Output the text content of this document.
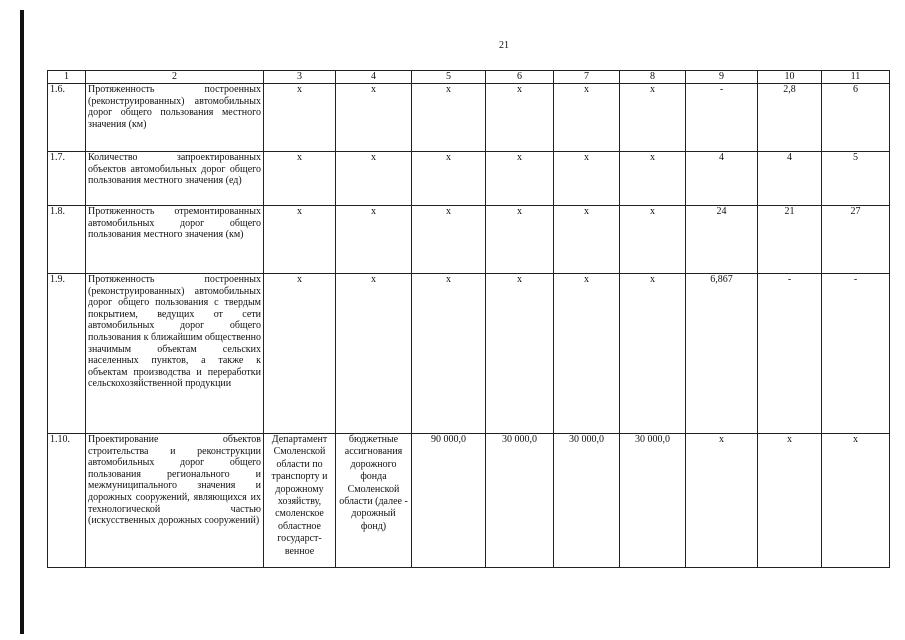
21
1	2	3	4	5	6	7	8	9	10	11
1.6.	Протяженность построенных (реконструированных) автомобильных дорог общего пользования местного значения (км)	x	x	x	x	x	x	-	2,8	6
1.7.	Количество запроектированных объектов автомобильных дорог общего пользования местного значения (ед)	x	x	x	x	x	x	4	4	5
1.8.	Протяженность отремонтированных автомобильных дорог общего пользования местного значения (км)	x	x	x	x	x	x	24	21	27
1.9.	Протяженность построенных (реконструированных) автомобильных дорог общего пользования с твердым покрытием, ведущих от сети автомобильных дорог общего пользования к ближайшим общественно значимым объектам сельских населенных пунктов, а также к объектам производства и переработки сельскохозяйственной продукции	x	x	x	x	x	x	6,867	-	-
1.10.	Проектирование объектов строительства и реконструкции автомобильных дорог общего пользования регионального и межмуниципального значения и дорожных сооружений, являющихся их технологической частью (искусственных дорожных сооружений)	Департамент Смоленской области по транспорту и дорожному хозяйству, смоленское областное государст-венное	бюджетные ассигнования дорожного фонда Смоленской области (далее - дорожный фонд)	90 000,0	30 000,0	30 000,0	30 000,0	x	x	x
